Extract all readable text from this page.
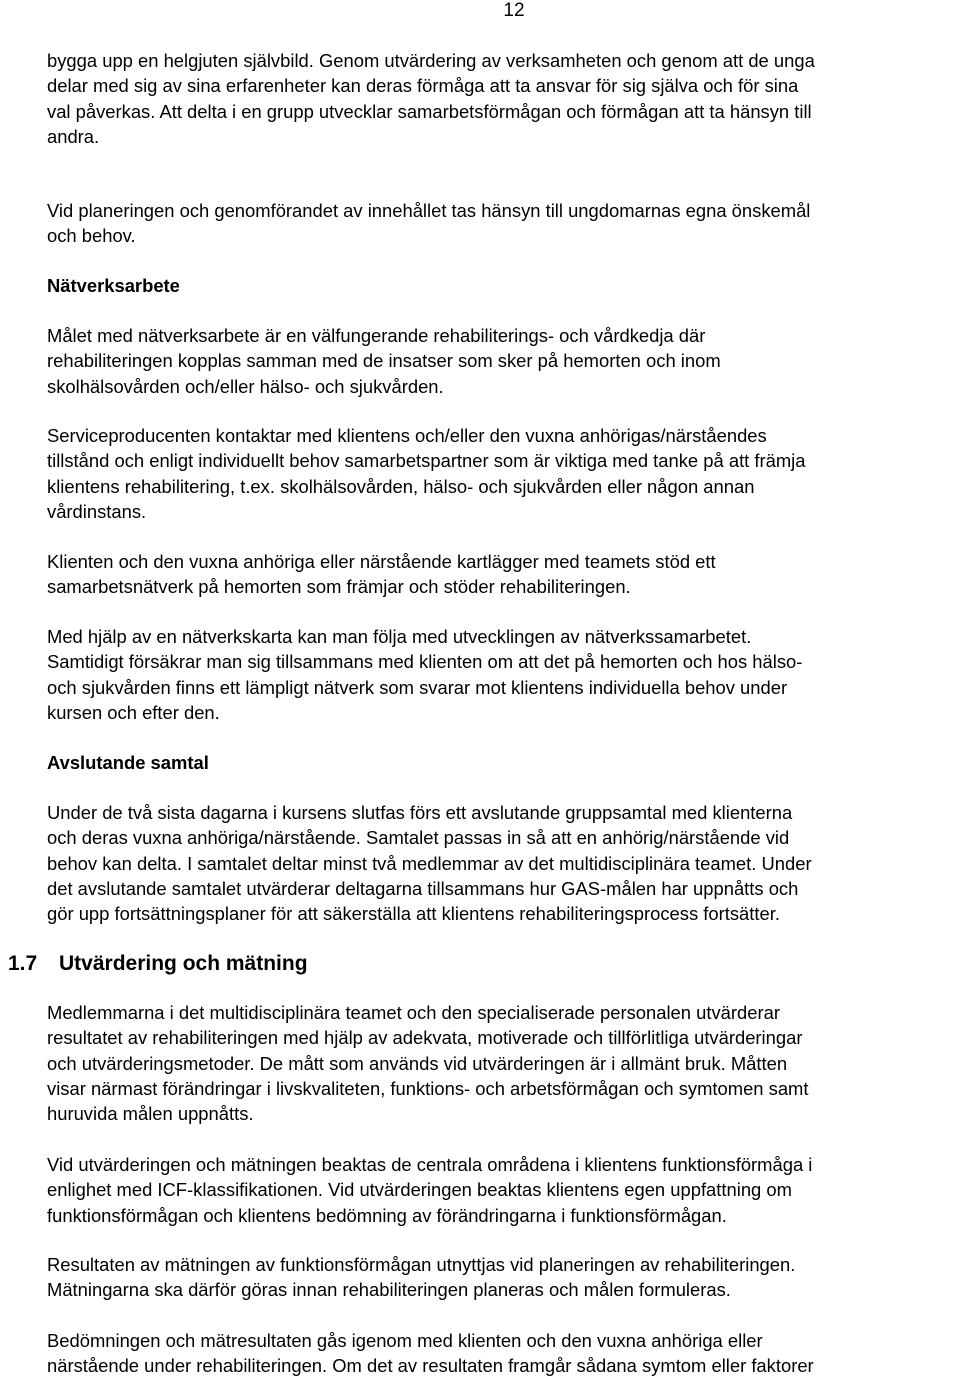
12
bygga upp en helgjuten självbild. Genom utvärdering av verksamheten och genom att de unga
delar med sig av sina erfarenheter kan deras förmåga att ta ansvar för sig själva och för sina
val påverkas. Att delta i en grupp utvecklar samarbetsförmågan och förmågan att ta hänsyn till
andra.
Vid planeringen och genomförandet av innehållet tas hänsyn till ungdomarnas egna önskemål
och behov.
Nätverksarbete
Målet med nätverksarbete är en välfungerande rehabiliterings- och vårdkedja där
rehabiliteringen kopplas samman med de insatser som sker på hemorten och inom
skolhälsovården och/eller hälso- och sjukvården.
Serviceproducenten kontaktar med klientens och/eller den vuxna anhörigas/närståendes
tillstånd och enligt individuellt behov samarbetspartner som är viktiga med tanke på att främja
klientens rehabilitering, t.ex. skolhälsovården, hälso- och sjukvården eller någon annan
vårdinstans.
Klienten och den vuxna anhöriga eller närstående kartlägger med teamets stöd ett
samarbetsnätverk på hemorten som främjar och stöder rehabiliteringen.
Med hjälp av en nätverkskarta kan man följa med utvecklingen av nätverkssamarbetet.
Samtidigt försäkrar man sig tillsammans med klienten om att det på hemorten och hos hälso-
och sjukvården finns ett lämpligt nätverk som svarar mot klientens individuella behov under
kursen och efter den.
Avslutande samtal
Under de två sista dagarna i kursens slutfas förs ett avslutande gruppsamtal med klienterna
och deras vuxna anhöriga/närstående. Samtalet passas in så att en anhörig/närstående vid
behov kan delta. I samtalet deltar minst två medlemmar av det multidisciplinära teamet. Under
det avslutande samtalet utvärderar deltagarna tillsammans hur GAS-målen har uppnåtts och
gör upp fortsättningsplaner för att säkerställa att klientens rehabiliteringsprocess fortsätter.
1.7 Utvärdering och mätning
Medlemmarna i det multidisciplinära teamet och den specialiserade personalen utvärderar
resultatet av rehabiliteringen med hjälp av adekvata, motiverade och tillförlitliga utvärderingar
och utvärderingsmetoder. De mått som används vid utvärderingen är i allmänt bruk. Måtten
visar närmast förändringar i livskvaliteten, funktions- och arbetsförmågan och symtomen samt
huruvida målen uppnåtts.
Vid utvärderingen och mätningen beaktas de centrala områdena i klientens funktionsförmåga i
enlighet med ICF-klassifikationen. Vid utvärderingen beaktas klientens egen uppfattning om
funktionsförmågan och klientens bedömning av förändringarna i funktionsförmågan.
Resultaten av mätningen av funktionsförmågan utnyttjas vid planeringen av rehabiliteringen.
Mätningarna ska därför göras innan rehabiliteringen planeras och målen formuleras.
Bedömningen och mätresultaten gås igenom med klienten och den vuxna anhöriga eller
närstående under rehabiliteringen. Om det av resultaten framgår sådana symtom eller faktorer
